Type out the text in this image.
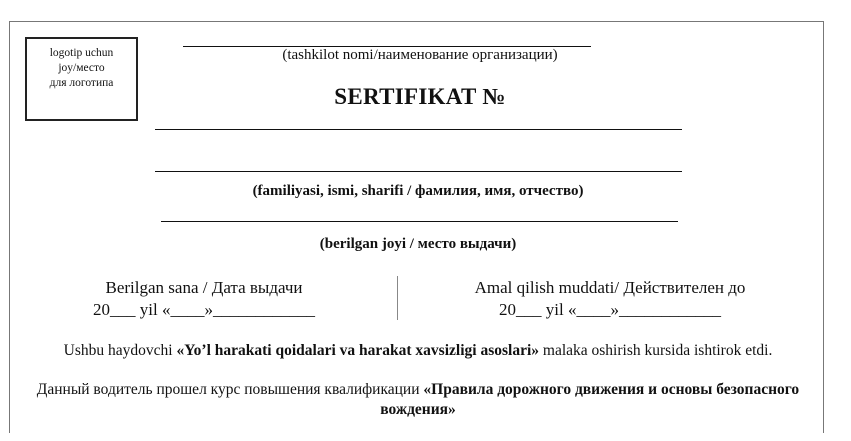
logotip uchun
joy/место
для логотипа
(tashkilot nomi/наименование организации)
SERTIFIKAT №
(familiyasi, ismi, sharifi / фамилия, имя, отчество)
(berilgan joyi / место выдачи)
Berilgan sana / Дата выдачи
20___ yil «____»____________
Amal qilish muddati/ Действителен до
20___ yil «____»____________
Ushbu haydovchi «Yo’l harakati qoidalari va harakat xavsizligi asoslari» malaka oshirish kursida ishtirok etdi.
Данный водитель прошел курс повышения квалификации «Правила дорожного движения и основы безопасного вождения»
